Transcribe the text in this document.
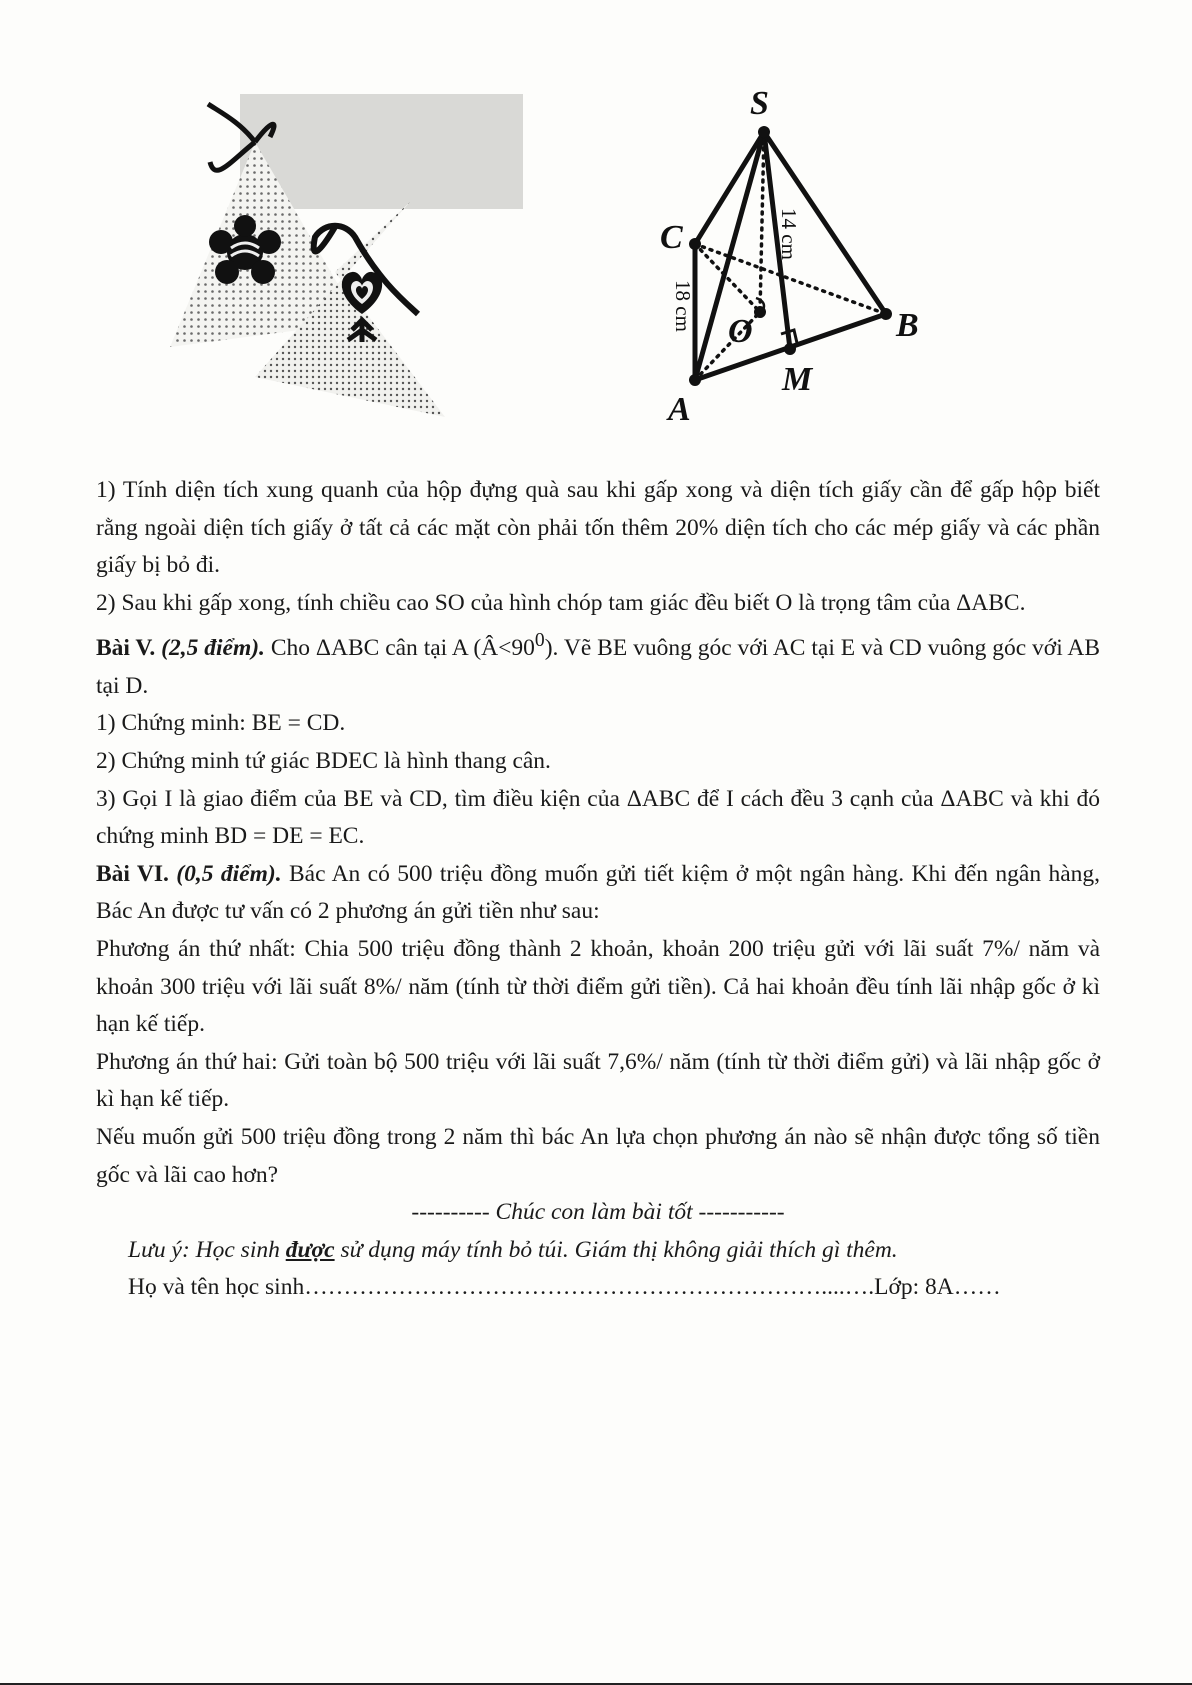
S
C
O	B
M
A
14 cm
18 cm

1) Tính diện tích xung quanh của hộp đựng quà sau khi gấp xong và diện tích giấy cần để gấp hộp biết rằng ngoài diện tích giấy ở tất cả các mặt còn phải tốn thêm 20% diện tích cho các mép giấy và các phần giấy bị bỏ đi.

2) Sau khi gấp xong, tính chiều cao SO của hình chóp tam giác đều biết O là trọng tâm của ΔABC.

Bài V. (2,5 điểm). Cho ΔABC cân tại A $(Â<90^0)$. Vẽ BE vuông góc với AC tại E và CD vuông góc với AB tại D.

1) Chứng minh: BE = CD.

2) Chứng minh tứ giác BDEC là hình thang cân.

3) Gọi I là giao điểm của BE và CD, tìm điều kiện của ΔABC để I cách đều 3 cạnh của ΔABC và khi đó chứng minh BD = DE = EC.

Bài VI. (0,5 điểm). Bác An có 500 triệu đồng muốn gửi tiết kiệm ở một ngân hàng. Khi đến ngân hàng, Bác An được tư vấn có 2 phương án gửi tiền như sau:

Phương án thứ nhất: Chia 500 triệu đồng thành 2 khoản, khoản 200 triệu gửi với lãi suất 7%/ năm và khoản 300 triệu với lãi suất 8%/ năm (tính từ thời điểm gửi tiền). Cả hai khoản đều tính lãi nhập gốc ở kì hạn kế tiếp.

Phương án thứ hai: Gửi toàn bộ 500 triệu với lãi suất 7,6%/ năm (tính từ thời điểm gửi) và lãi nhập gốc ở kì hạn kế tiếp.

Nếu muốn gửi 500 triệu đồng trong 2 năm thì bác An lựa chọn phương án nào sẽ nhận được tổng số tiền gốc và lãi cao hơn?

---------- Chúc con làm bài tốt -----------

Lưu ý: Học sinh được sử dụng máy tính bỏ túi. Giám thị không giải thích gì thêm.

Họ và tên học sinh…………………………………………………………....….Lớp: 8A……
